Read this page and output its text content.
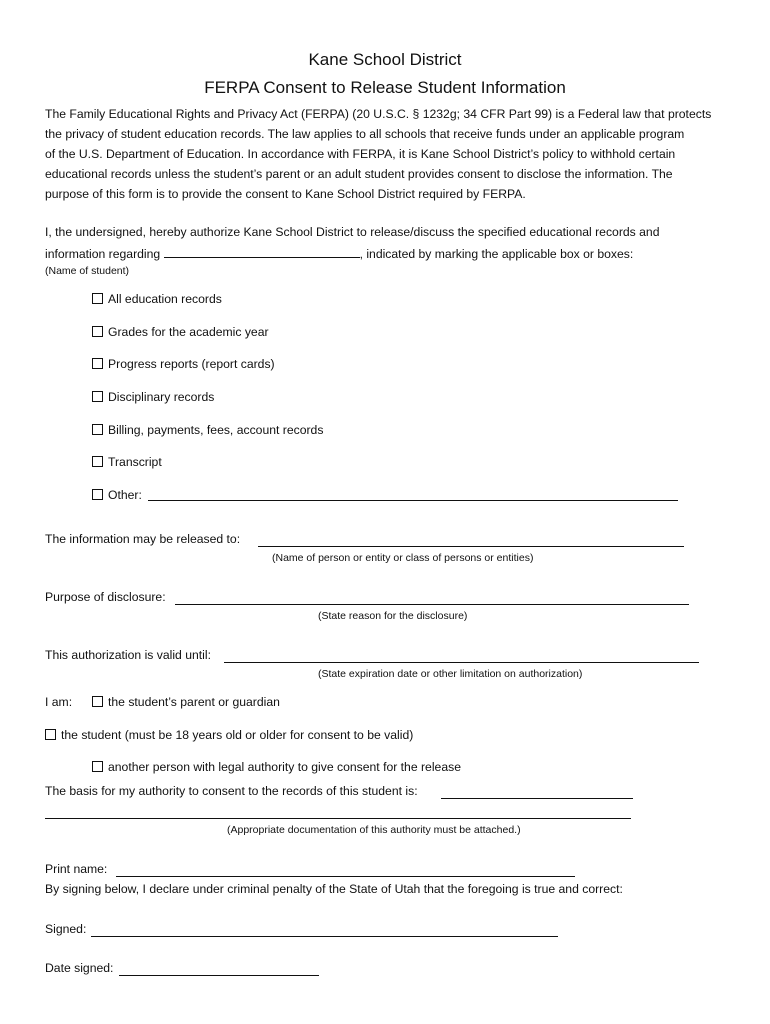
Kane School District
FERPA Consent to Release Student Information
The Family Educational Rights and Privacy Act (FERPA) (20 U.S.C. § 1232g; 34 CFR Part 99) is a Federal law that protects
the privacy of student education records. The law applies to all schools that receive funds under an applicable program
of the U.S. Department of Education. In accordance with FERPA, it is Kane School District’s policy to withhold certain
educational records unless the student’s parent or an adult student provides consent to disclose the information. The
purpose of this form is to provide the consent to Kane School District required by FERPA.
I, the undersigned, hereby authorize Kane School District to release/discuss the specified educational records and
information regarding	, indicated by marking the applicable box or boxes:
(Name of student)
All education records
Grades for the academic year
Progress reports (report cards)
Disciplinary records
Billing, payments, fees, account records
Transcript
Other:
The information may be released to:
(Name of person or entity or class of persons or entities)
Purpose of disclosure:
(State reason for the disclosure)
This authorization is valid until:
(State expiration date or other limitation on authorization)
I am:	the student’s parent or guardian
the student (must be 18 years old or older for consent to be valid)
another person with legal authority to give consent for the release
The basis for my authority to consent to the records of this student is:
(Appropriate documentation of this authority must be attached.)
Print name:
By signing below, I declare under criminal penalty of the State of Utah that the foregoing is true and correct:
Signed:
Date signed:
